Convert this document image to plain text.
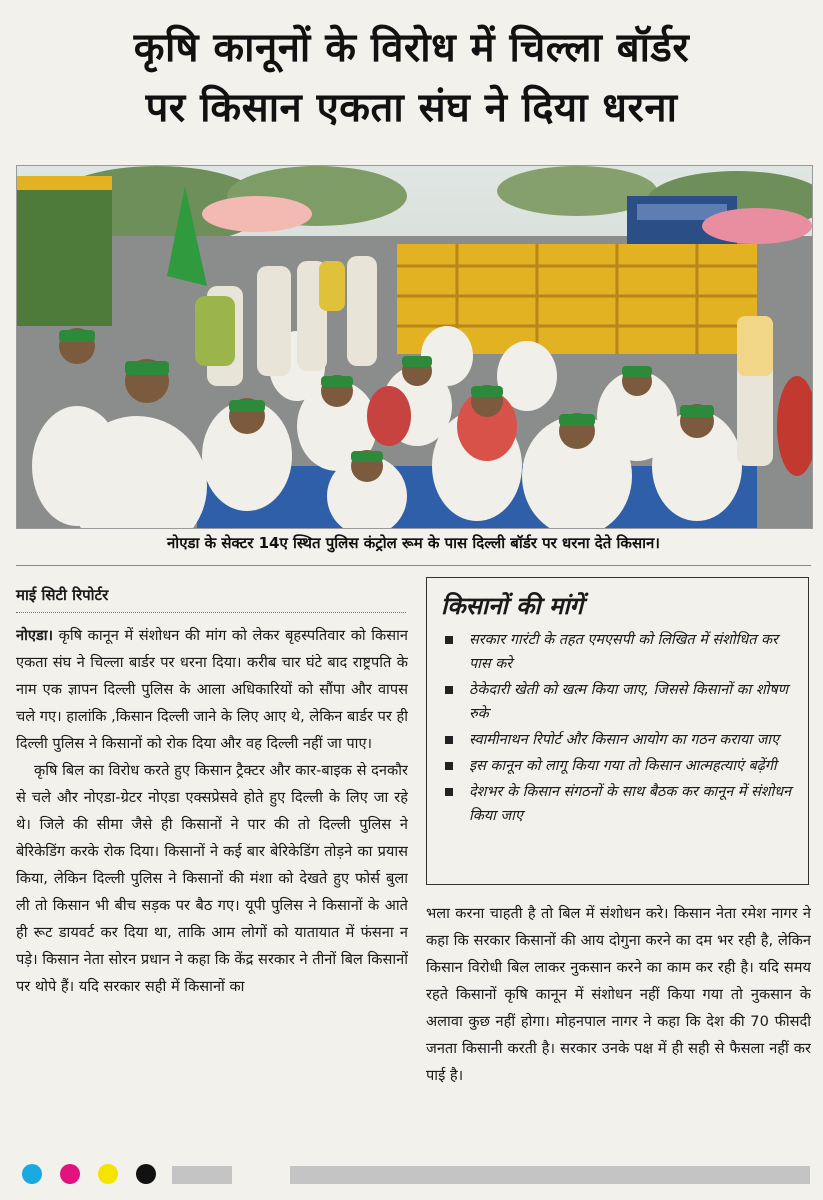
कृषि कानूनों के विरोध में चिल्ला बॉर्डर
पर किसान एकता संघ ने दिया धरना
नोएडा के सेक्टर 14ए स्थित पुलिस कंट्रोल रूम के पास दिल्ली बॉर्डर पर धरना देते किसान।
माई सिटी रिपोर्टर

नोएडा। कृषि कानून में संशोधन की मांग को लेकर बृहस्पतिवार को किसान एकता संघ ने चिल्ला बार्डर पर धरना दिया। करीब चार घंटे बाद राष्ट्रपति के नाम एक ज्ञापन दिल्ली पुलिस के आला अधिकारियों को सौंपा और वापस चले गए। हालांकि ,किसान दिल्ली जाने के लिए आए थे, लेकिन बार्डर पर ही दिल्ली पुलिस ने किसानों को रोक दिया और वह दिल्ली नहीं जा पाए।

कृषि बिल का विरोध करते हुए किसान ट्रैक्टर और कार-बाइक से दनकौर से चले और नोएडा-ग्रेटर नोएडा एक्सप्रेसवे होते हुए दिल्ली के लिए जा रहे थे। जिले की सीमा जैसे ही किसानों ने पार की तो दिल्ली पुलिस ने बेरिकेडिंग करके रोक दिया। किसानों ने कई बार बेरिकेडिंग तोड़ने का प्रयास किया, लेकिन दिल्ली पुलिस ने किसानों की मंशा को देखते हुए फोर्स बुला ली तो किसान भी बीच सड़क पर बैठ गए। यूपी पुलिस ने किसानों के आते ही रूट डायवर्ट कर दिया था, ताकि आम लोगों को यातायात में फंसना न पड़े। किसान नेता सोरन प्रधान ने कहा कि केंद्र सरकार ने तीनों बिल किसानों पर थोपे हैं। यदि सरकार सही में किसानों का

किसानों की मांगें
सरकार गारंटी के तहत एमएसपी को लिखित में संशोधित कर पास करे
ठेकेदारी खेती को खत्म किया जाए, जिससे किसानों का शोषण रुके
स्वामीनाथन रिपोर्ट और किसान आयोग का गठन कराया जाए
इस कानून को लागू किया गया तो किसान आत्महत्याएं बढ़ेंगी
देशभर के किसान संगठनों के साथ बैठक कर कानून में संशोधन किया जाए

भला करना चाहती है तो बिल में संशोधन करे। किसान नेता रमेश नागर ने कहा कि सरकार किसानों की आय दोगुना करने का दम भर रही है, लेकिन किसान विरोधी बिल लाकर नुकसान करने का काम कर रही है। यदि समय रहते किसानों कृषि कानून में संशोधन नहीं किया गया तो नुकसान के अलावा कुछ नहीं होगा। मोहनपाल नागर ने कहा कि देश की 70 फीसदी जनता किसानी करती है। सरकार उनके पक्ष में ही सही से फैसला नहीं कर पाई है।
